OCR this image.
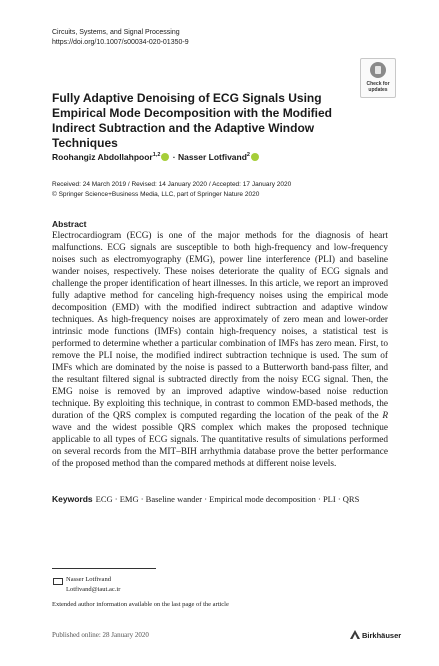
Circuits, Systems, and Signal Processing
https://doi.org/10.1007/s00034-020-01350-9
Check for
updates
Fully Adaptive Denoising of ECG Signals Using Empirical Mode Decomposition with the Modified Indirect Subtraction and the Adaptive Window Techniques
Roohangiz Abdollahpoor$^{1,2}$ · Nasser Lotfivand$^2$
Received: 24 March 2019 / Revised: 14 January 2020 / Accepted: 17 January 2020
© Springer Science+Business Media, LLC, part of Springer Nature 2020
Abstract
Electrocardiogram (ECG) is one of the major methods for the diagnosis of heart malfunctions. ECG signals are susceptible to both high-frequency and low-frequency noises such as electromyography (EMG), power line interference (PLI) and baseline wander noises, respectively. These noises deteriorate the quality of ECG signals and challenge the proper identification of heart illnesses. In this article, we report an improved fully adaptive method for canceling high-frequency noises using the empirical mode decomposition (EMD) with the modified indirect subtraction and adaptive window techniques. As high-frequency noises are approximately of zero mean and lower-order intrinsic mode functions (IMFs) contain high-frequency noises, a statistical test is performed to determine whether a particular combination of IMFs has zero mean. First, to remove the PLI noise, the modified indirect subtraction technique is used. The sum of IMFs which are dominated by the noise is passed to a Butterworth band-pass filter, and the resultant filtered signal is subtracted directly from the noisy ECG signal. Then, the EMG noise is removed by an improved adaptive window-based noise reduction technique. By exploiting this technique, in contrast to common EMD-based methods, the duration of the QRS complex is computed regarding the location of the peak of the R wave and the widest possible QRS complex which makes the proposed technique applicable to all types of ECG signals. The quantitative results of simulations performed on several records from the MIT–BIH arrhythmia database prove the better performance of the proposed method than the compared methods at different noise levels.
Keywords ECG · EMG · Baseline wander · Empirical mode decomposition · PLI · QRS
Nasser Lotfivand
Lotfivand@iaut.ac.ir
Extended author information available on the last page of the article
Published online: 28 January 2020	Birkhäuser
